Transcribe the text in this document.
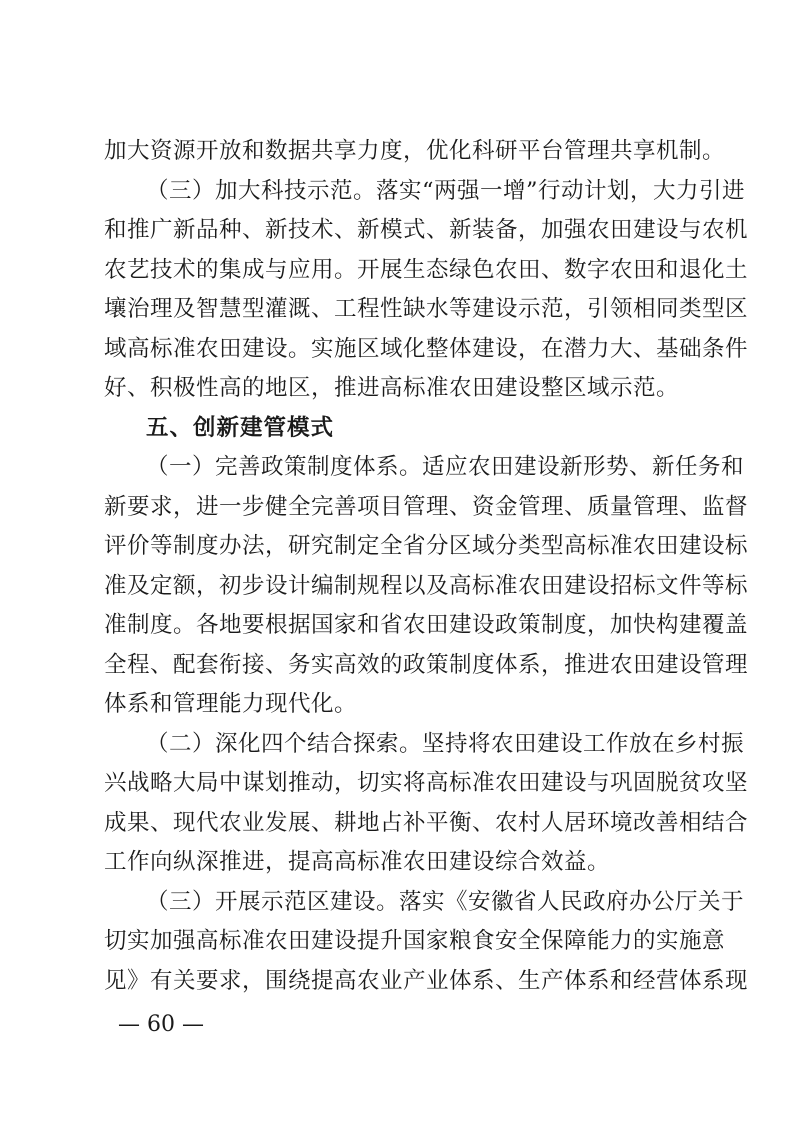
加大资源开放和数据共享力度，优化科研平台管理共享机制。
（三）加大科技示范。落实“两强一增”行动计划，大力引进
和推广新品种、新技术、新模式、新装备，加强农田建设与农机
农艺技术的集成与应用。开展生态绿色农田、数字农田和退化土
壤治理及智慧型灌溉、工程性缺水等建设示范，引领相同类型区
域高标准农田建设。实施区域化整体建设，在潜力大、基础条件
好、积极性高的地区，推进高标准农田建设整区域示范。
五、创新建管模式
（一）完善政策制度体系。适应农田建设新形势、新任务和
新要求，进一步健全完善项目管理、资金管理、质量管理、监督
评价等制度办法，研究制定全省分区域分类型高标准农田建设标
准及定额，初步设计编制规程以及高标准农田建设招标文件等标
准制度。各地要根据国家和省农田建设政策制度，加快构建覆盖
全程、配套衔接、务实高效的政策制度体系，推进农田建设管理
体系和管理能力现代化。
（二）深化四个结合探索。坚持将农田建设工作放在乡村振
兴战略大局中谋划推动，切实将高标准农田建设与巩固脱贫攻坚
成果、现代农业发展、耕地占补平衡、农村人居环境改善相结合
工作向纵深推进，提高高标准农田建设综合效益。
（三）开展示范区建设。落实《安徽省人民政府办公厅关于
切实加强高标准农田建设提升国家粮食安全保障能力的实施意
见》有关要求，围绕提高农业产业体系、生产体系和经营体系现
— 60 —
